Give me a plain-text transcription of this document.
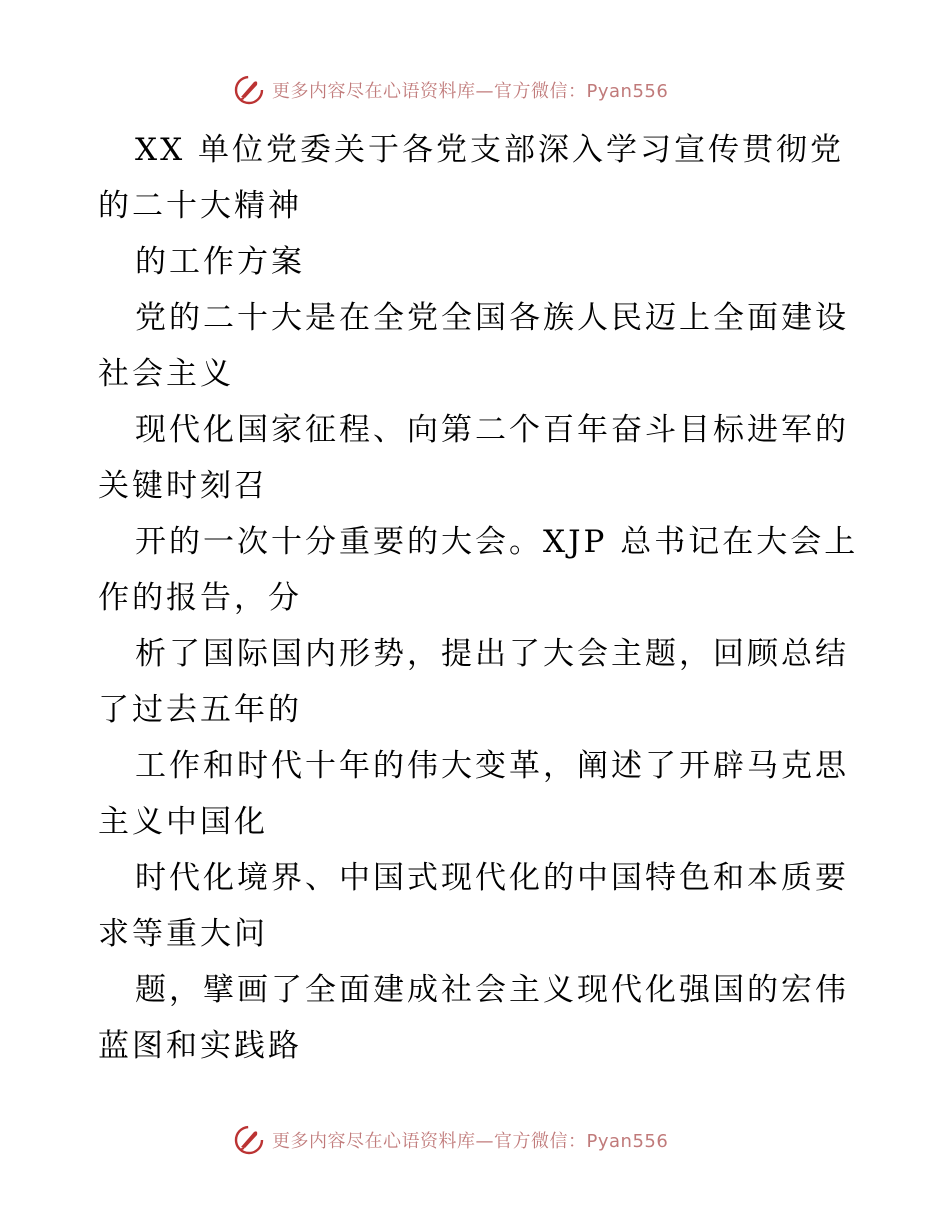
更多内容尽在心语资料库—官方微信：Pyan556
XX 单位党委关于各党支部深入学习宣传贯彻党
的二十大精神
的工作方案
党的二十大是在全党全国各族人民迈上全面建设
社会主义
现代化国家征程、向第二个百年奋斗目标进军的
关键时刻召
开的一次十分重要的大会。XJP 总书记在大会上
作的报告，分
析了国际国内形势，提出了大会主题，回顾总结
了过去五年的
工作和时代十年的伟大变革，阐述了开辟马克思
主义中国化
时代化境界、中国式现代化的中国特色和本质要
求等重大问
题，擘画了全面建成社会主义现代化强国的宏伟
蓝图和实践路
更多内容尽在心语资料库—官方微信：Pyan556
